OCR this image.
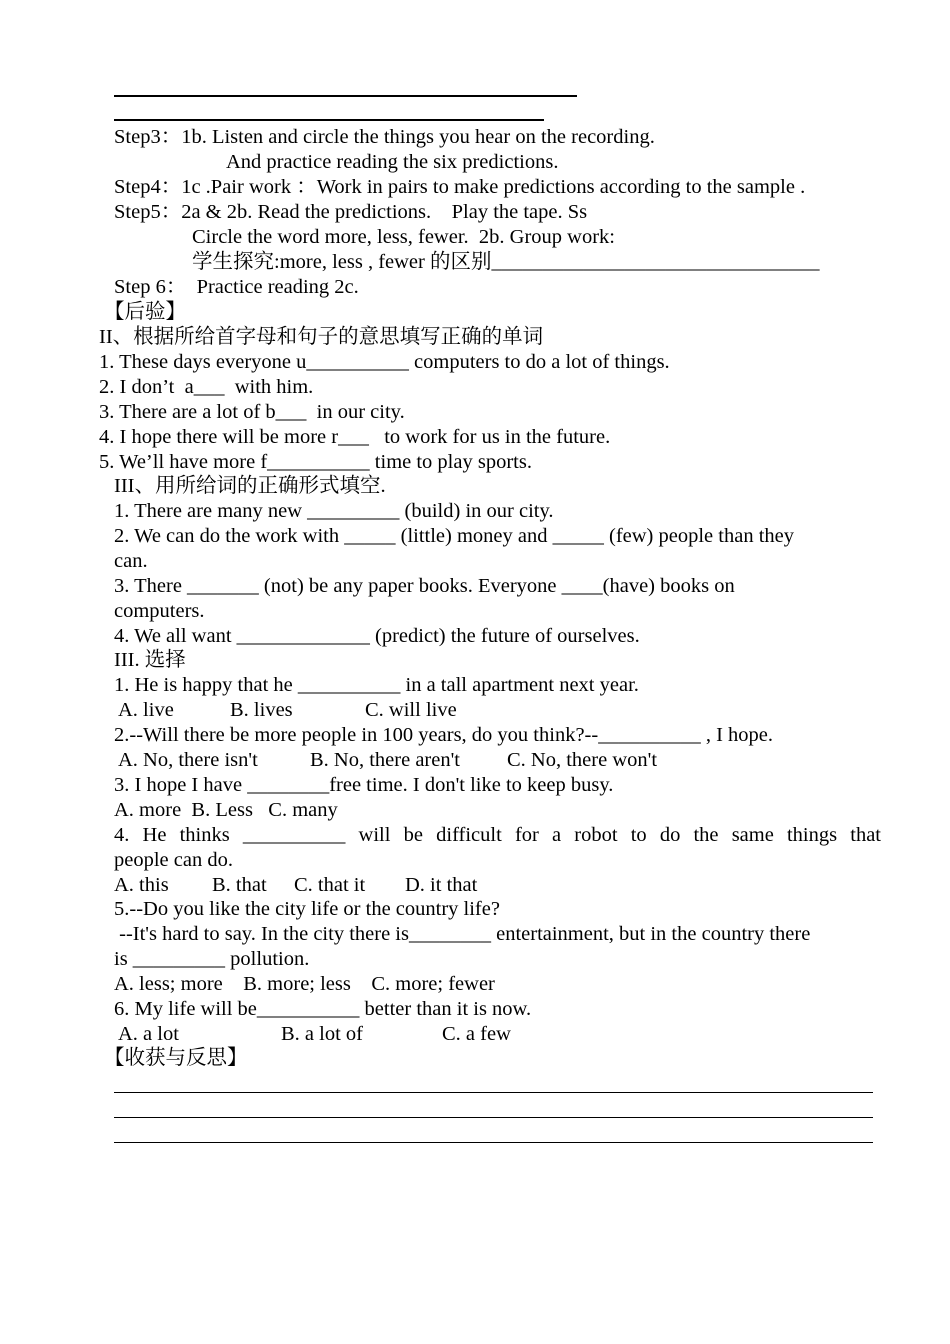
Step3：1b. Listen and circle the things you hear on the recording.
And practice reading the six predictions.
Step4：1c .Pair work ：Work in pairs to make predictions according to the sample .
Step5：2a & 2b. Read the predictions.    Play the tape. Ss
Circle the word more, less, fewer.  2b. Group work:
学生探究:more, less , fewer 的区别________________________________
Step 6：  Practice reading 2c.
【后验】
II、根据所给首字母和句子的意思填写正确的单词
1. These days everyone u__________ computers to do a lot of things.
2. I don’t  a___  with him.
3. There are a lot of b___  in our city.
4. I hope there will be more r___   to work for us in the future.
5. We’ll have more f__________ time to play sports.
III、用所给词的正确形式填空.
1. There are many new _________ (build) in our city.
2. We can do the work with _____ (little) money and _____ (few) people than they
can.
3. There _______ (not) be any paper books. Everyone ____(have) books on
computers.
4. We all want _____________ (predict) the future of ourselves.
III. 选择
1. He is happy that he __________ in a tall apartment next year.
A. live	B. lives	C. will live
2.--Will there be more people in 100 years, do you think?--__________ , I hope.
A. No, there isn't	B. No, there aren't C. No, there won't
3. I hope I have ________free time. I don't like to keep busy.
A. more  B. Less   C. many
4. He thinks __________ will be difficult for a robot to do the same things that
people can do.
A. this B. that C. that it D. it that
5.--Do you like the city life or the country life?
--It's hard to say. In the city there is________ entertainment, but in the country there
is _________ pollution.
A. less; more    B. more; less    C. more; fewer
6. My life will be__________ better than it is now.
A. a lot	B. a lot of	C. a few
【收获与反思】
